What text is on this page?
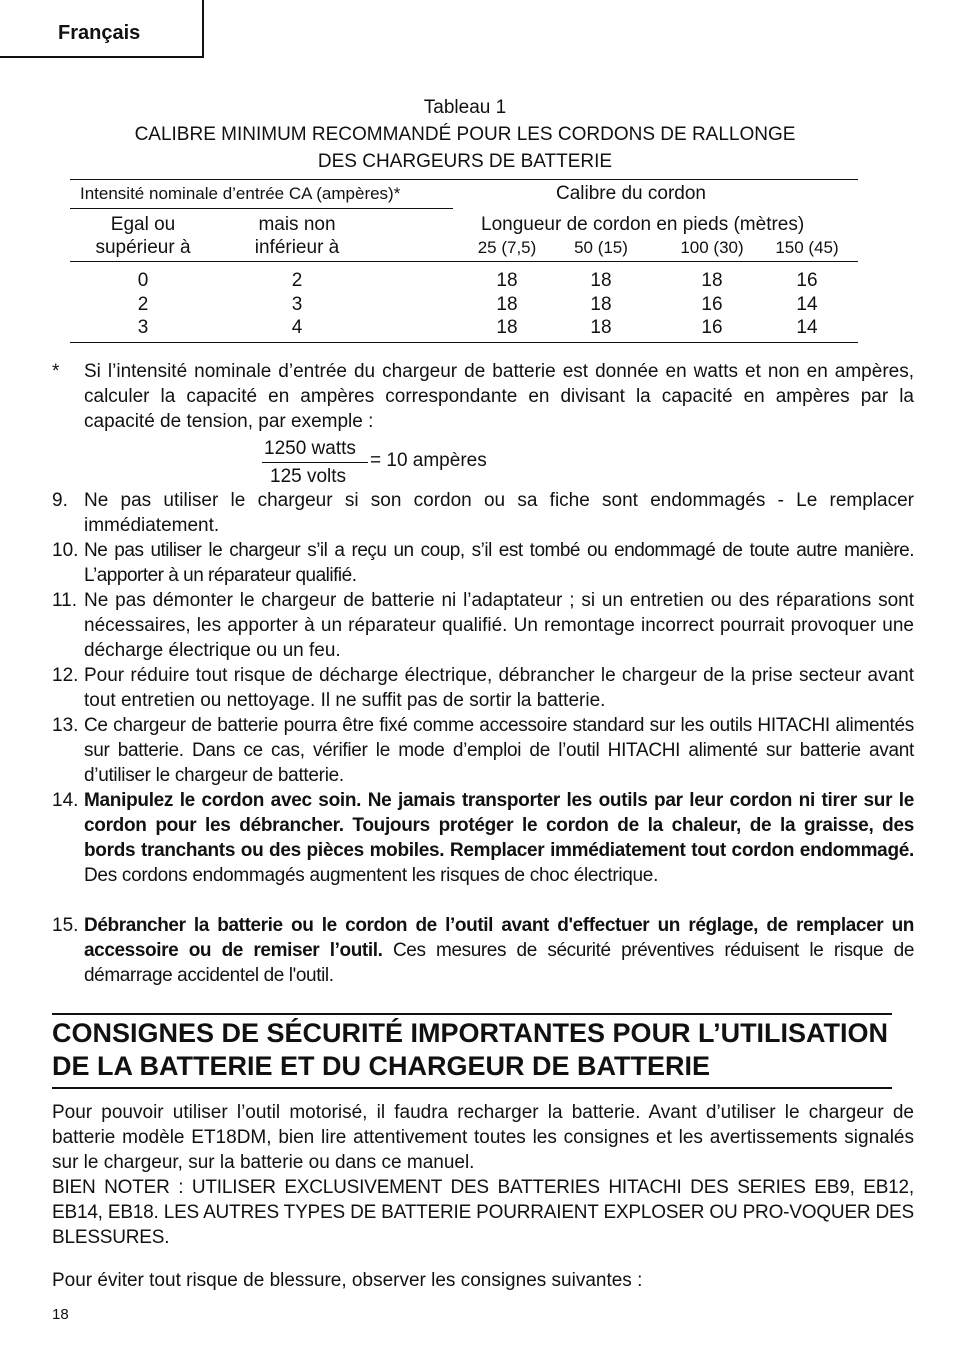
Français
Tableau 1
CALIBRE MINIMUM RECOMMANDÉ POUR LES CORDONS DE RALLONGE
DES CHARGEURS DE BATTERIE
Intensité nominale d’entrée CA (ampères)*	Calibre du cordon
Egal ou
supérieur à
mais non
inférieur à
Longueur de cordon en pieds (mètres)
25 (7,5)	50 (15)	100 (30)	150 (45)
0	2	18	18	18	16
2	3	18	18	16	14
3	4	18	18	16	14
* Si l’intensité nominale d’entrée du chargeur de batterie est donnée en watts et non en ampères, calculer la capacité en ampères correspondante en divisant la capacité en ampères par la capacité de tension, par exemple :
1250 watts
125 volts
= 10 ampères
9. Ne pas utiliser le chargeur si son cordon ou sa fiche sont endommagés - Le remplacer immédiatement.
10. Ne pas utiliser le chargeur s’il a reçu un coup, s’il est tombé ou endommagé de toute autre manière. L’apporter à un réparateur qualifié.
11. Ne pas démonter le chargeur de batterie ni l’adaptateur ; si un entretien ou des réparations sont nécessaires, les apporter à un réparateur qualifié. Un remontage incorrect pourrait provoquer une décharge électrique ou un feu.
12. Pour réduire tout risque de décharge électrique, débrancher le chargeur de la prise secteur avant tout entretien ou nettoyage. Il ne suffit pas de sortir la batterie.
13. Ce chargeur de batterie pourra être fixé comme accessoire standard sur les outils HITACHI alimentés sur batterie. Dans ce cas, vérifier le mode d’emploi de l’outil HITACHI alimenté sur batterie avant d’utiliser le chargeur de batterie.
14. Manipulez le cordon avec soin. Ne jamais transporter les outils par leur cordon ni tirer sur le cordon pour les débrancher. Toujours protéger le cordon de la chaleur, de la graisse, des bords tranchants ou des pièces mobiles. Remplacer immédiatement tout cordon endommagé. Des cordons endommagés augmentent les risques de choc électrique.
15. Débrancher la batterie ou le cordon de l’outil avant d'effectuer un réglage, de remplacer un accessoire ou de remiser l’outil. Ces mesures de sécurité préventives réduisent le risque de démarrage accidentel de l'outil.
CONSIGNES DE SÉCURITÉ IMPORTANTES POUR L’UTILISATION
DE LA BATTERIE ET DU CHARGEUR DE BATTERIE
Pour pouvoir utiliser l’outil motorisé, il faudra recharger la batterie. Avant d’utiliser le chargeur de batterie modèle ET18DM, bien lire attentivement toutes les consignes et les avertissements signalés sur le chargeur, sur la batterie ou dans ce manuel.
BIEN NOTER : UTILISER EXCLUSIVEMENT DES BATTERIES HITACHI DES SERIES EB9, EB12, EB14, EB18. LES AUTRES TYPES DE BATTERIE POURRAIENT EXPLOSER OU PRO-VOQUER DES BLESSURES.
Pour éviter tout risque de blessure, observer les consignes suivantes :
18
